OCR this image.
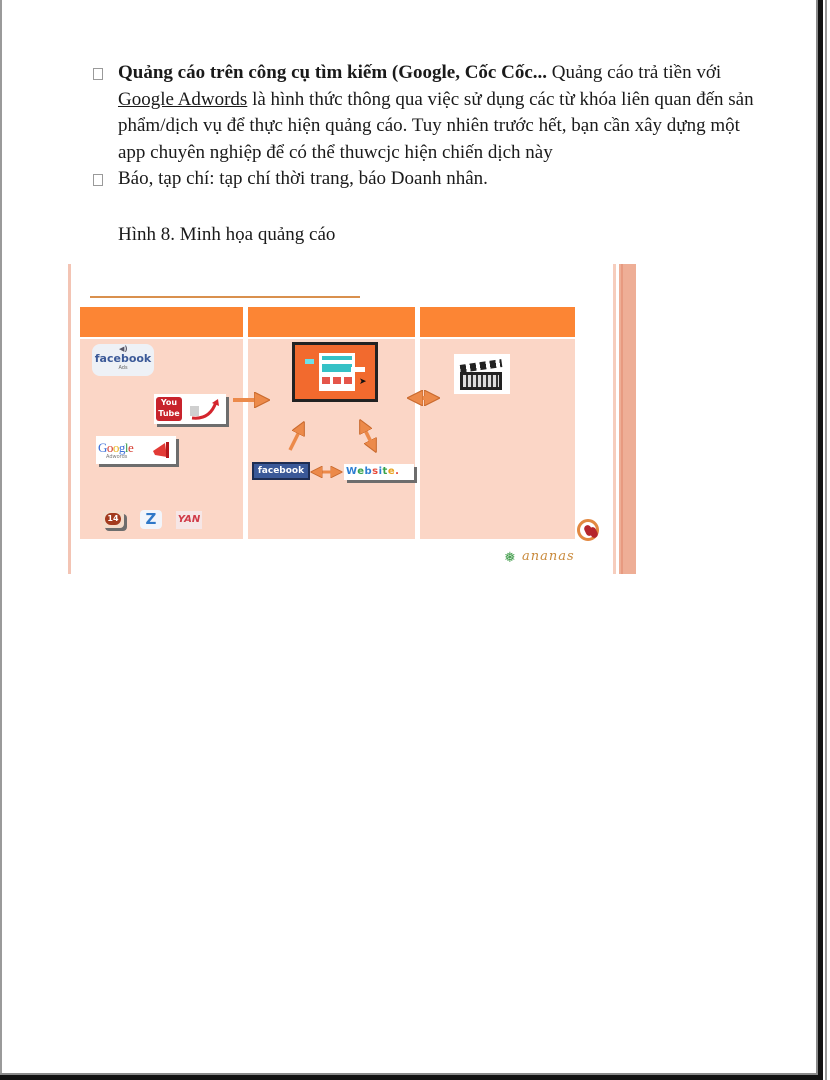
Quảng cáo trên công cụ tìm kiếm (Google, Cốc Cốc... Quảng cáo trả tiền với Google Adwords là hình thức thông qua việc sử dụng các từ khóa liên quan đến sản phẩm/dịch vụ để thực hiện quảng cáo. Tuy nhiên trước hết, bạn cần xây dựng một app chuyên nghiệp để có thể thuwcjc hiện chiến dịch này
Báo, tạp chí: tạp chí thời trang, báo Doanh nhân.
Hình 8. Minh họa quảng cáo
◀)
facebook
Ads
You
Tube
Google
Adwords
14	Z	YAN
➤
facebook	Website.
❅ ananas
